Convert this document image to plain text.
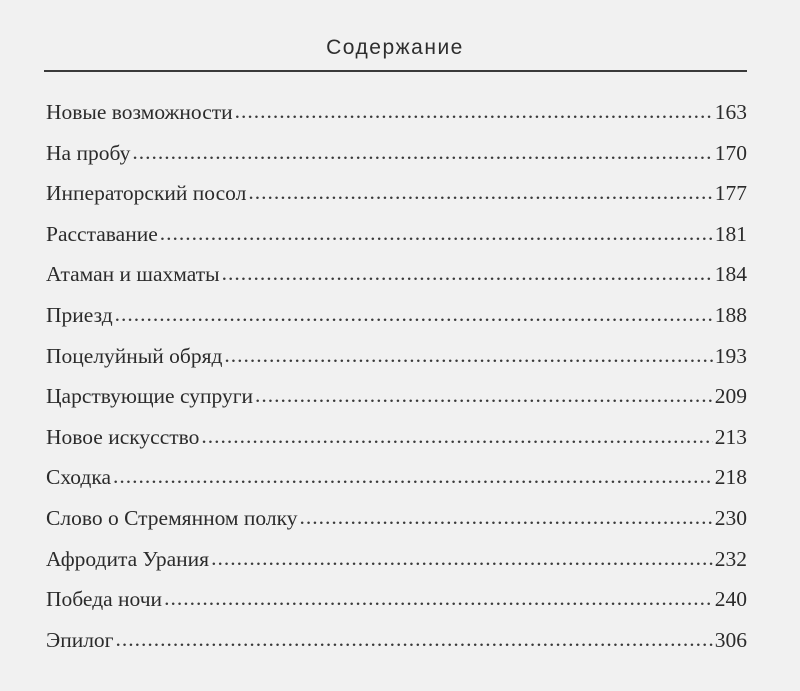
Содержание
Новые возможности .....	163
На пробу .....	170
Инператорский посол .....	177
Расставание .....	181
Атаман и шахматы .....	184
Приезд .....	188
Поцелуйный обряд .....	193
Царствующие супруги .....	209
Новое искусство .....	213
Сходка .....	218
Слово о Стремянном полку .....	230
Афродита Урания .....	232
Победа ночи .....	240
Эпилог .....	306
